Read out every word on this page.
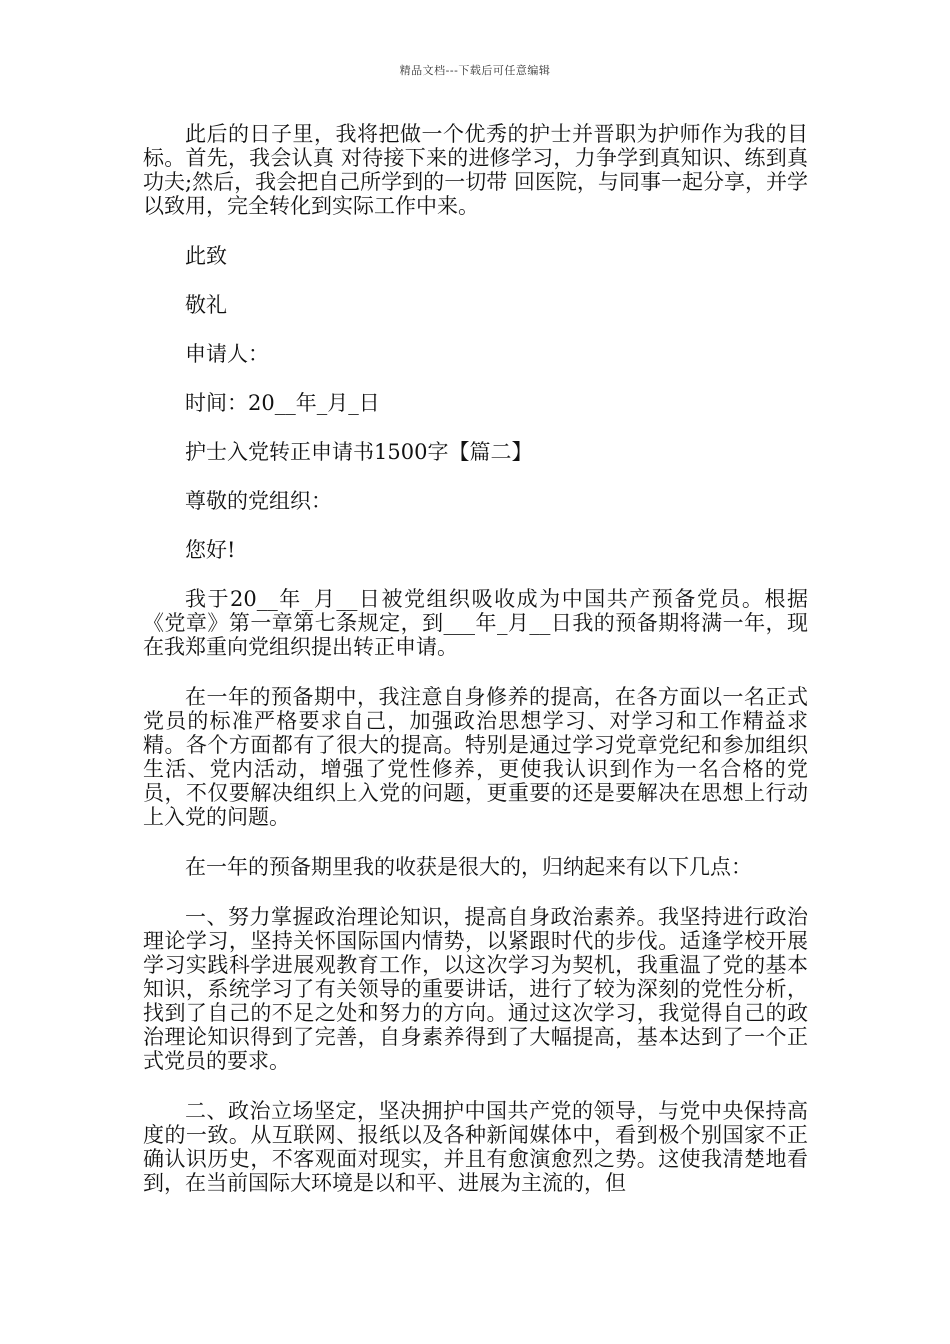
精品文档---下载后可任意编辑

此后的日子里，我将把做一个优秀的护士并晋职为护师作为我的目标。首先，我会认真 对待接下来的进修学习，力争学到真知识、练到真功夫;然后，我会把自己所学到的一切带 回医院，与同事一起分享，并学以致用，完全转化到实际工作中来。

此致

敬礼

申请人：

时间：20__年_月_日

护士入党转正申请书1500字【篇二】

尊敬的党组织：

您好!

我于20__年_月__日被党组织吸收成为中国共产预备党员。根据《党章》第一章第七条规定，到___年_月__日我的预备期将满一年，现在我郑重向党组织提出转正申请。

在一年的预备期中，我注意自身修养的提高，在各方面以一名正式党员的标准严格要求自己，加强政治思想学习、对学习和工作精益求精。各个方面都有了很大的提高。特别是通过学习党章党纪和参加组织生活、党内活动，增强了党性修养，更使我认识到作为一名合格的党员，不仅要解决组织上入党的问题，更重要的还是要解决在思想上行动上入党的问题。

在一年的预备期里我的收获是很大的，归纳起来有以下几点：

一、努力掌握政治理论知识，提高自身政治素养。我坚持进行政治理论学习，坚持关怀国际国内情势，以紧跟时代的步伐。适逢学校开展学习实践科学进展观教育工作，以这次学习为契机，我重温了党的基本知识，系统学习了有关领导的重要讲话，进行了较为深刻的党性分析，找到了自己的不足之处和努力的方向。通过这次学习，我觉得自己的政治理论知识得到了完善，自身素养得到了大幅提高，基本达到了一个正式党员的要求。

二、政治立场坚定，坚决拥护中国共产党的领导，与党中央保持高度的一致。从互联网、报纸以及各种新闻媒体中，看到极个别国家不正确认识历史，不客观面对现实，并且有愈演愈烈之势。这使我清楚地看到，在当前国际大环境是以和平、进展为主流的，但
